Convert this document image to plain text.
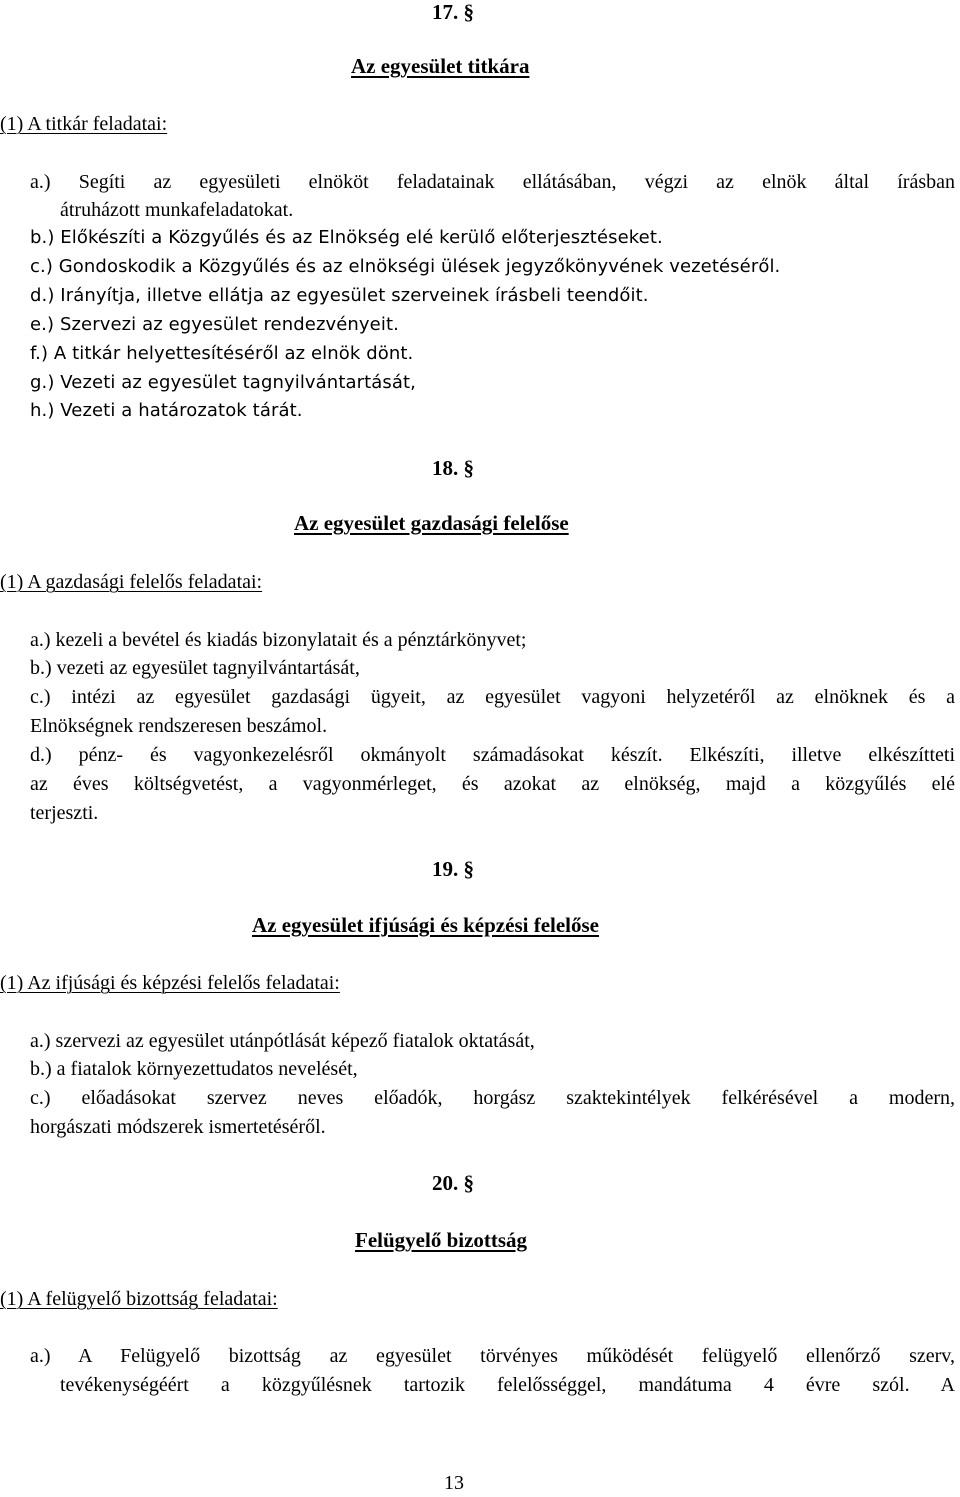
17. §
Az egyesület titkára
(1) A titkár feladatai:
a.) Segíti az egyesületi elnököt feladatainak ellátásában, végzi az elnök által írásban
átruházott munkafeladatokat.
b.) Előkészíti a Közgyűlés és az Elnökség elé kerülő előterjesztéseket.
c.) Gondoskodik a Közgyűlés és az elnökségi ülések jegyzőkönyvének vezetéséről.
d.) Irányítja, illetve ellátja az egyesület szerveinek írásbeli teendőit.
e.) Szervezi az egyesület rendezvényeit.
f.) A titkár helyettesítéséről az elnök dönt.
g.) Vezeti az egyesület tagnyilvántartását,
h.) Vezeti a határozatok tárát.
18. §
Az egyesület gazdasági felelőse
(1) A gazdasági felelős feladatai:
a.) kezeli a bevétel és kiadás bizonylatait és a pénztárkönyvet;
b.) vezeti az egyesület tagnyilvántartását,
c.) intézi az egyesület gazdasági ügyeit, az egyesület vagyoni helyzetéről az elnöknek és a
Elnökségnek rendszeresen beszámol.
d.) pénz- és vagyonkezelésről okmányolt számadásokat készít. Elkészíti, illetve elkészítteti
az éves költségvetést, a vagyonmérleget, és azokat az elnökség, majd a közgyűlés elé
terjeszti.
19. §
Az egyesület ifjúsági és képzési felelőse
(1) Az ifjúsági és képzési felelős feladatai:
a.) szervezi az egyesület utánpótlását képező fiatalok oktatását,
b.) a fiatalok környezettudatos nevelését,
c.) előadásokat szervez neves előadók, horgász szaktekintélyek felkérésével a modern,
horgászati módszerek ismertetéséről.
20. §
Felügyelő bizottság
(1) A felügyelő bizottság feladatai:
a.) A Felügyelő bizottság az egyesület törvényes működését felügyelő ellenőrző szerv,
tevékenységéért a közgyűlésnek tartozik felelősséggel, mandátuma 4 évre szól. A
13
